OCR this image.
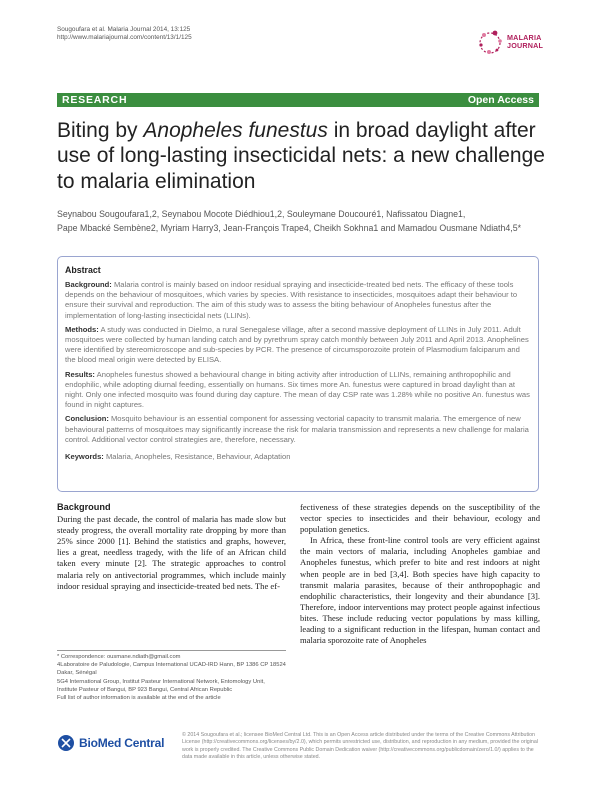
Sougoufara et al. Malaria Journal 2014, 13:125
http://www.malariajournal.com/content/13/1/125	MALARIA
JOURNAL
RESEARCH	Open Access
Biting by Anopheles funestus in broad daylight after use of long-lasting insecticidal nets: a new challenge to malaria elimination
Seynabou Sougoufara1,2, Seynabou Mocote Diédhiou1,2, Souleymane Doucouré1, Nafissatou Diagne1,
Pape Mbacké Sembène2, Myriam Harry3, Jean-François Trape4, Cheikh Sokhna1 and Mamadou Ousmane Ndiath4,5*
Abstract

Background: Malaria control is mainly based on indoor residual spraying and insecticide-treated bed nets. The efficacy of these tools depends on the behaviour of mosquitoes, which varies by species. With resistance to insecticides, mosquitoes adapt their behaviour to ensure their survival and reproduction. The aim of this study was to assess the biting behaviour of Anopheles funestus after the implementation of long-lasting insecticidal nets (LLINs).

Methods: A study was conducted in Dielmo, a rural Senegalese village, after a second massive deployment of LLINs in July 2011. Adult mosquitoes were collected by human landing catch and by pyrethrum spray catch monthly between July 2011 and April 2013. Anophelines were identified by stereomicroscope and sub-species by PCR. The presence of circumsporozoite protein of Plasmodium falciparum and the blood meal origin were detected by ELISA.

Results: Anopheles funestus showed a behavioural change in biting activity after introduction of LLINs, remaining anthropophilic and endophilic, while adopting diurnal feeding, essentially on humans. Six times more An. funestus were captured in broad daylight than at night. Only one infected mosquito was found during day capture. The mean of day CSP rate was 1.28% while no positive An. funestus was found in night captures.

Conclusion: Mosquito behaviour is an essential component for assessing vectorial capacity to transmit malaria. The emergence of new behavioural patterns of mosquitoes may significantly increase the risk for malaria transmission and represents a new challenge for malaria control. Additional vector control strategies are, therefore, necessary.

Keywords: Malaria, Anopheles, Resistance, Behaviour, Adaptation
Background

During the past decade, the control of malaria has made slow but steady progress, the overall mortality rate dropping by more than 25% since 2000 [1]. Behind the statistics and graphs, however, lies a great, needless tragedy, with the life of an African child taken every minute [2]. The strategic approaches to control malaria rely on antivectorial programmes, which include mainly indoor residual spraying and insecticide-treated bed nets. The ef-

fectiveness of these strategies depends on the susceptibility of the vector species to insecticides and their behaviour, ecology and population genetics.

In Africa, these front-line control tools are very efficient against the main vectors of malaria, including Anopheles gambiae and Anopheles funestus, which prefer to bite and rest indoors at night when people are in bed [3,4]. Both species have high capacity to transmit malaria parasites, because of their anthropophagic and endophilic characteristics, their longevity and their abundance [3]. Therefore, indoor interventions may protect people against infectious bites. These include reducing vector populations by mass killing, leading to a significant reduction in the lifespan, human contact and malaria sporozoite rate of Anopheles

* Correspondence: ousmane.ndiath@gmail.com
4Laboratoire de Paludologie, Campus International UCAD-IRD Hann, BP 1386 CP 18524 Dakar, Sénégal
5G4 International Group, Institut Pasteur International Network, Entomology Unit, Institute Pasteur of Bangui, BP 923 Bangui, Central African Republic
Full list of author information is available at the end of the article
BioMed Central
© 2014 Sougoufara et al.; licensee BioMed Central Ltd. This is an Open Access article distributed under the terms of the Creative Commons Attribution License (http://creativecommons.org/licenses/by/2.0), which permits unrestricted use, distribution, and reproduction in any medium, provided the original work is properly credited. The Creative Commons Public Domain Dedication waiver (http://creativecommons.org/publicdomain/zero/1.0/) applies to the data made available in this article, unless otherwise stated.
